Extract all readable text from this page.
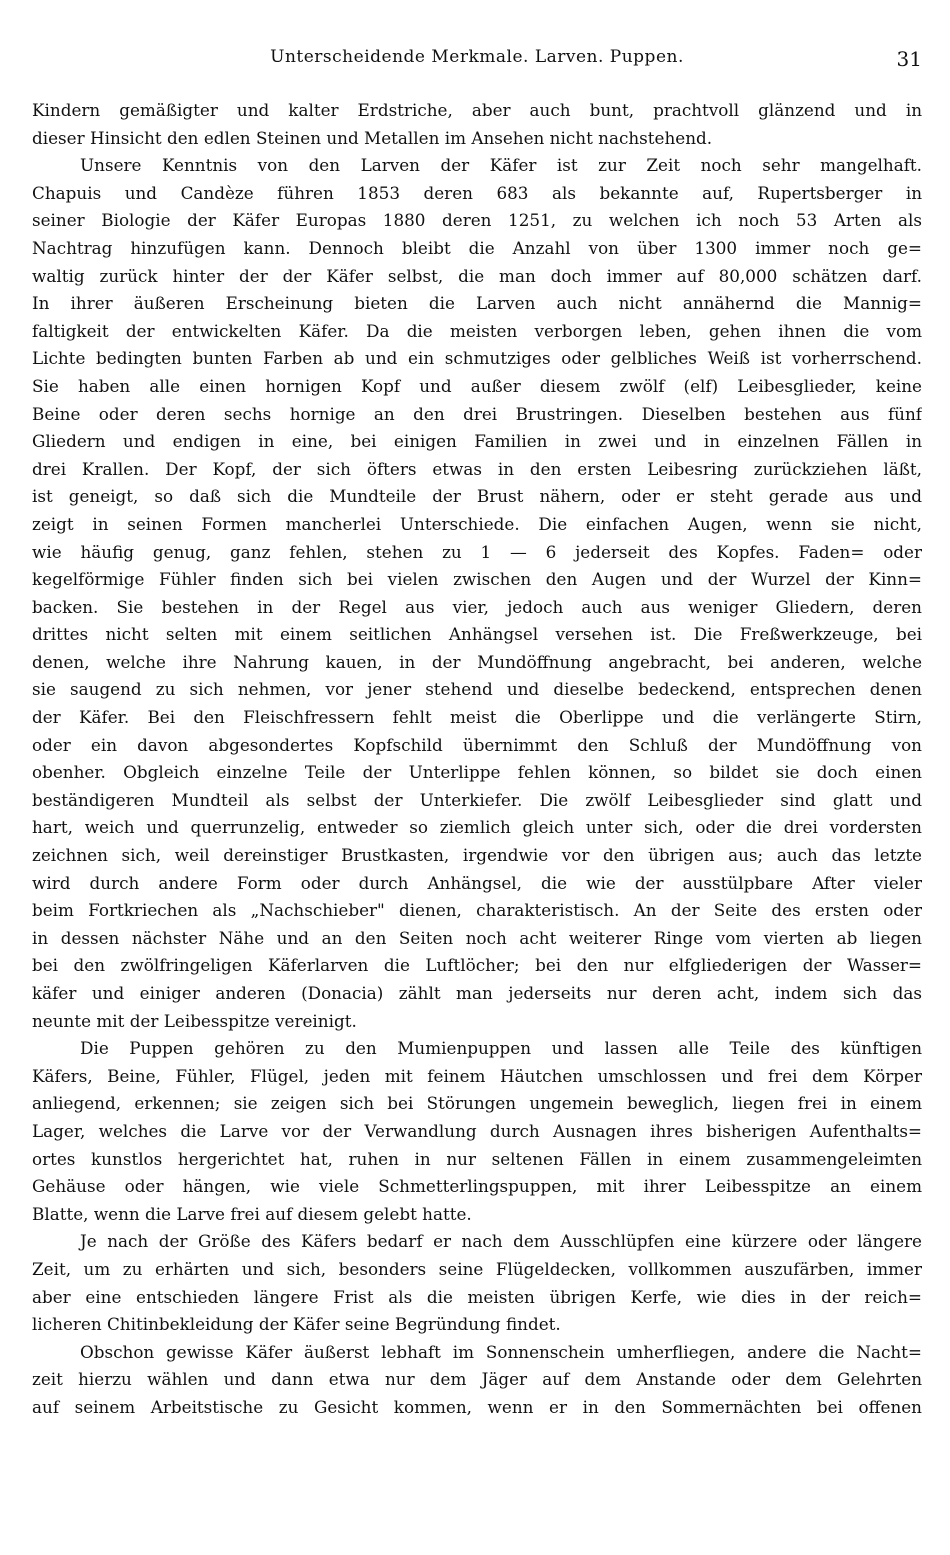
Unterscheidende Merkmale. Larven. Puppen.	31
Kindern gemäßigter und kalter Erdstriche, aber auch bunt, prachtvoll glänzend und in
dieser Hinsicht den edlen Steinen und Metallen im Ansehen nicht nachstehend.
Unsere Kenntnis von den Larven der Käfer ist zur Zeit noch sehr mangelhaft.
Chapuis und Candèze führen 1853 deren 683 als bekannte auf, Rupertsberger in
seiner Biologie der Käfer Europas 1880 deren 1251, zu welchen ich noch 53 Arten als
Nachtrag hinzufügen kann. Dennoch bleibt die Anzahl von über 1300 immer noch ge=
waltig zurück hinter der der Käfer selbst, die man doch immer auf 80,000 schätzen darf.
In ihrer äußeren Erscheinung bieten die Larven auch nicht annähernd die Mannig=
faltigkeit der entwickelten Käfer. Da die meisten verborgen leben, gehen ihnen die vom
Lichte bedingten bunten Farben ab und ein schmutziges oder gelbliches Weiß ist vorherrschend.
Sie haben alle einen hornigen Kopf und außer diesem zwölf (elf) Leibesglieder, keine
Beine oder deren sechs hornige an den drei Brustringen. Dieselben bestehen aus fünf
Gliedern und endigen in eine, bei einigen Familien in zwei und in einzelnen Fällen in
drei Krallen. Der Kopf, der sich öfters etwas in den ersten Leibesring zurückziehen läßt,
ist geneigt, so daß sich die Mundteile der Brust nähern, oder er steht gerade aus und
zeigt in seinen Formen mancherlei Unterschiede. Die einfachen Augen, wenn sie nicht,
wie häufig genug, ganz fehlen, stehen zu 1 — 6 jederseit des Kopfes. Faden= oder
kegelförmige Fühler finden sich bei vielen zwischen den Augen und der Wurzel der Kinn=
backen. Sie bestehen in der Regel aus vier, jedoch auch aus weniger Gliedern, deren
drittes nicht selten mit einem seitlichen Anhängsel versehen ist. Die Freßwerkzeuge, bei
denen, welche ihre Nahrung kauen, in der Mundöffnung angebracht, bei anderen, welche
sie saugend zu sich nehmen, vor jener stehend und dieselbe bedeckend, entsprechen denen
der Käfer. Bei den Fleischfressern fehlt meist die Oberlippe und die verlängerte Stirn,
oder ein davon abgesondertes Kopfschild übernimmt den Schluß der Mundöffnung von
obenher. Obgleich einzelne Teile der Unterlippe fehlen können, so bildet sie doch einen
beständigeren Mundteil als selbst der Unterkiefer. Die zwölf Leibesglieder sind glatt und
hart, weich und querrunzelig, entweder so ziemlich gleich unter sich, oder die drei vordersten
zeichnen sich, weil dereinstiger Brustkasten, irgendwie vor den übrigen aus; auch das letzte
wird durch andere Form oder durch Anhängsel, die wie der ausstülpbare After vieler
beim Fortkriechen als „Nachschieber" dienen, charakteristisch. An der Seite des ersten oder
in dessen nächster Nähe und an den Seiten noch acht weiterer Ringe vom vierten ab liegen
bei den zwölfringeligen Käferlarven die Luftlöcher; bei den nur elfgliederigen der Wasser=
käfer und einiger anderen (Donacia) zählt man jederseits nur deren acht, indem sich das
neunte mit der Leibesspitze vereinigt.
Die Puppen gehören zu den Mumienpuppen und lassen alle Teile des künftigen
Käfers, Beine, Fühler, Flügel, jeden mit feinem Häutchen umschlossen und frei dem Körper
anliegend, erkennen; sie zeigen sich bei Störungen ungemein beweglich, liegen frei in einem
Lager, welches die Larve vor der Verwandlung durch Ausnagen ihres bisherigen Aufenthalts=
ortes kunstlos hergerichtet hat, ruhen in nur seltenen Fällen in einem zusammengeleimten
Gehäuse oder hängen, wie viele Schmetterlingspuppen, mit ihrer Leibesspitze an einem
Blatte, wenn die Larve frei auf diesem gelebt hatte.
Je nach der Größe des Käfers bedarf er nach dem Ausschlüpfen eine kürzere oder längere
Zeit, um zu erhärten und sich, besonders seine Flügeldecken, vollkommen auszufärben, immer
aber eine entschieden längere Frist als die meisten übrigen Kerfe, wie dies in der reich=
licheren Chitinbekleidung der Käfer seine Begründung findet.
Obschon gewisse Käfer äußerst lebhaft im Sonnenschein umherfliegen, andere die Nacht=
zeit hierzu wählen und dann etwa nur dem Jäger auf dem Anstande oder dem Gelehrten
auf seinem Arbeitstische zu Gesicht kommen, wenn er in den Sommernächten bei offenen
